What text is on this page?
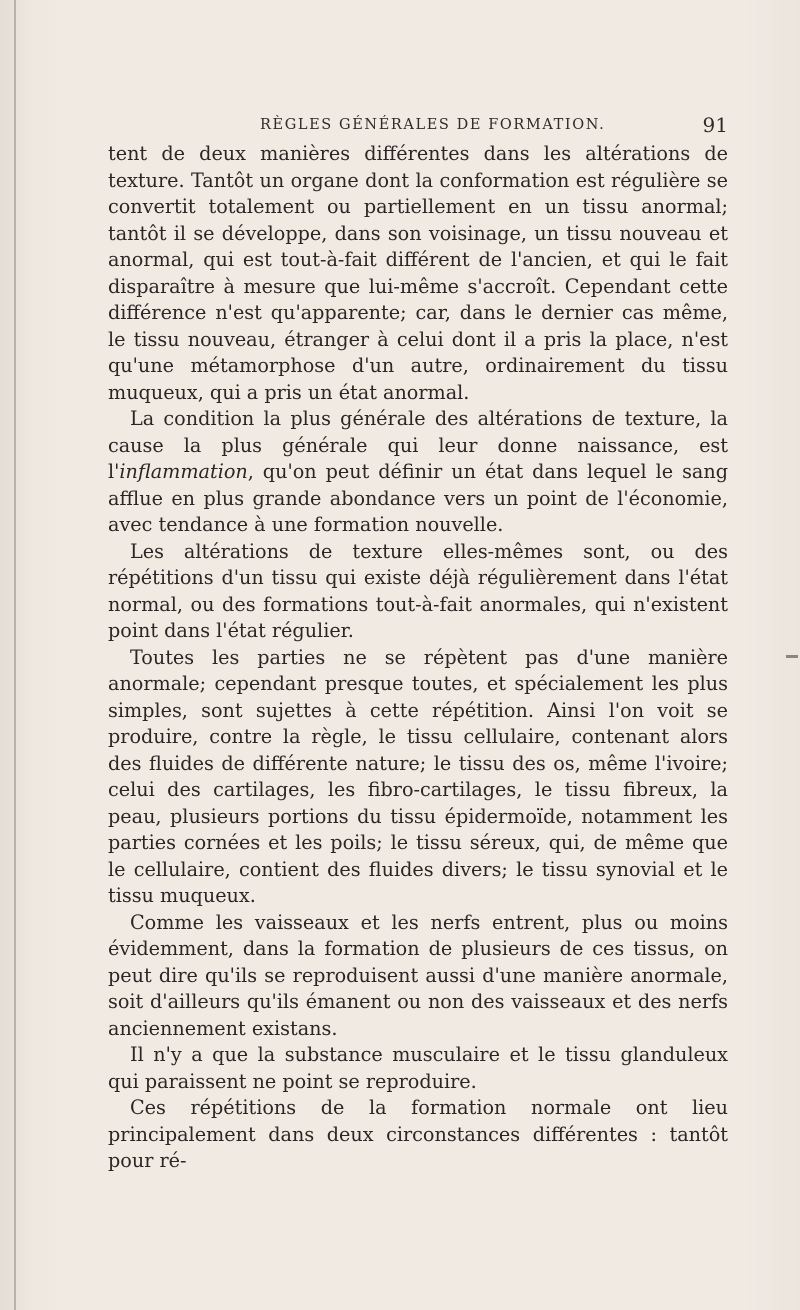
RÈGLES GÉNÉRALES DE FORMATION.	91

tent de deux manières différentes dans les altérations de texture. Tantôt un organe dont la conformation est régulière se convertit totalement ou partiellement en un tissu anormal; tantôt il se développe, dans son voisinage, un tissu nouveau et anormal, qui est tout-à-fait différent de l'ancien, et qui le fait disparaître à mesure que lui-même s'accroît. Cependant cette différence n'est qu'apparente; car, dans le dernier cas même, le tissu nouveau, étranger à celui dont il a pris la place, n'est qu'une métamorphose d'un autre, ordinairement du tissu muqueux, qui a pris un état anormal.

La condition la plus générale des altérations de texture, la cause la plus générale qui leur donne naissance, est l'inflammation, qu'on peut définir un état dans lequel le sang afflue en plus grande abondance vers un point de l'économie, avec tendance à une formation nouvelle.

Les altérations de texture elles-mêmes sont, ou des répétitions d'un tissu qui existe déjà régulièrement dans l'état normal, ou des formations tout-à-fait anormales, qui n'existent point dans l'état régulier.

Toutes les parties ne se répètent pas d'une manière anormale; cependant presque toutes, et spécialement les plus simples, sont sujettes à cette répétition. Ainsi l'on voit se produire, contre la règle, le tissu cellulaire, contenant alors des fluides de différente nature; le tissu des os, même l'ivoire; celui des cartilages, les fibro-cartilages, le tissu fibreux, la peau, plusieurs portions du tissu épidermoïde, notamment les parties cornées et les poils; le tissu séreux, qui, de même que le cellulaire, contient des fluides divers; le tissu synovial et le tissu muqueux.

Comme les vaisseaux et les nerfs entrent, plus ou moins évidemment, dans la formation de plusieurs de ces tissus, on peut dire qu'ils se reproduisent aussi d'une manière anormale, soit d'ailleurs qu'ils émanent ou non des vaisseaux et des nerfs anciennement existans.

Il n'y a que la substance musculaire et le tissu glanduleux qui paraissent ne point se reproduire.

Ces répétitions de la formation normale ont lieu principalement dans deux circonstances différentes : tantôt pour ré-
